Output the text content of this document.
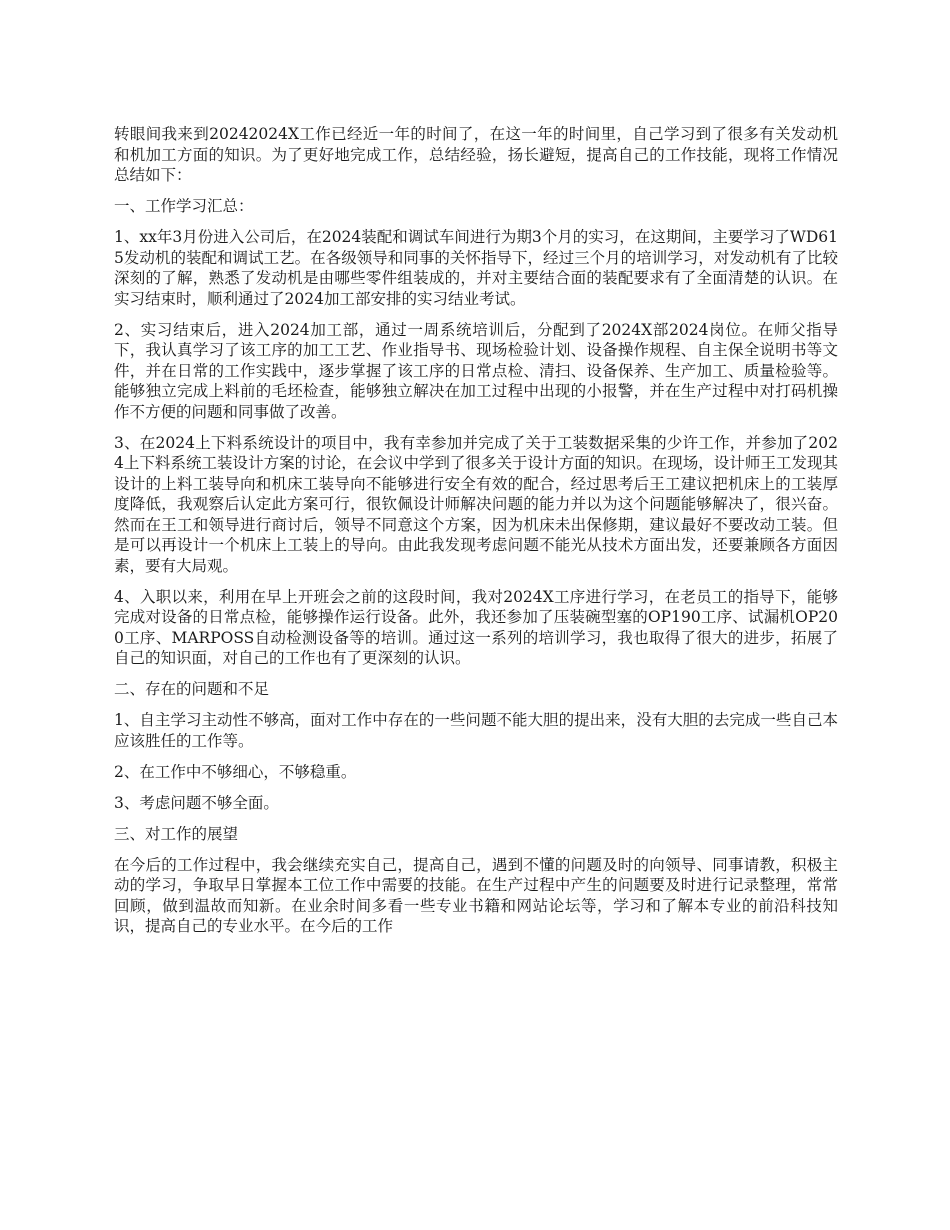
转眼间我来到20242024X工作已经近一年的时间了，在这一年的时间里，自己学习到了很多有关发动机和机加工方面的知识。为了更好地完成工作，总结经验，扬长避短，提高自己的工作技能，现将工作情况总结如下：

一、工作学习汇总：

1、xx年3月份进入公司后，在2024装配和调试车间进行为期3个月的实习，在这期间，主要学习了WD615发动机的装配和调试工艺。在各级领导和同事的关怀指导下，经过三个月的培训学习，对发动机有了比较深刻的了解，熟悉了发动机是由哪些零件组装成的，并对主要结合面的装配要求有了全面清楚的认识。在实习结束时，顺利通过了2024加工部安排的实习结业考试。

2、实习结束后，进入2024加工部，通过一周系统培训后，分配到了2024X部2024岗位。在师父指导下，我认真学习了该工序的加工工艺、作业指导书、现场检验计划、设备操作规程、自主保全说明书等文件，并在日常的工作实践中，逐步掌握了该工序的日常点检、清扫、设备保养、生产加工、质量检验等。能够独立完成上料前的毛坯检查，能够独立解决在加工过程中出现的小报警，并在生产过程中对打码机操作不方便的问题和同事做了改善。

3、在2024上下料系统设计的项目中，我有幸参加并完成了关于工装数据采集的少许工作，并参加了2024上下料系统工装设计方案的讨论，在会议中学到了很多关于设计方面的知识。在现场，设计师王工发现其设计的上料工装导向和机床工装导向不能够进行安全有效的配合，经过思考后王工建议把机床上的工装厚度降低，我观察后认定此方案可行，很钦佩设计师解决问题的能力并以为这个问题能够解决了，很兴奋。然而在王工和领导进行商讨后，领导不同意这个方案，因为机床未出保修期，建议最好不要改动工装。但是可以再设计一个机床上工装上的导向。由此我发现考虑问题不能光从技术方面出发，还要兼顾各方面因素，要有大局观。

4、入职以来，利用在早上开班会之前的这段时间，我对2024X工序进行学习，在老员工的指导下，能够完成对设备的日常点检，能够操作运行设备。此外，我还参加了压装碗型塞的OP190工序、试漏机OP200工序、MARPOSS自动检测设备等的培训。通过这一系列的培训学习，我也取得了很大的进步，拓展了自己的知识面，对自己的工作也有了更深刻的认识。

二、存在的问题和不足

1、自主学习主动性不够高，面对工作中存在的一些问题不能大胆的提出来，没有大胆的去完成一些自己本应该胜任的工作等。

2、在工作中不够细心，不够稳重。

3、考虑问题不够全面。

三、对工作的展望

在今后的工作过程中，我会继续充实自己，提高自己，遇到不懂的问题及时的向领导、同事请教，积极主动的学习，争取早日掌握本工位工作中需要的技能。在生产过程中产生的问题要及时进行记录整理，常常回顾，做到温故而知新。在业余时间多看一些专业书籍和网站论坛等，学习和了解本专业的前沿科技知识，提高自己的专业水平。在今后的工作
